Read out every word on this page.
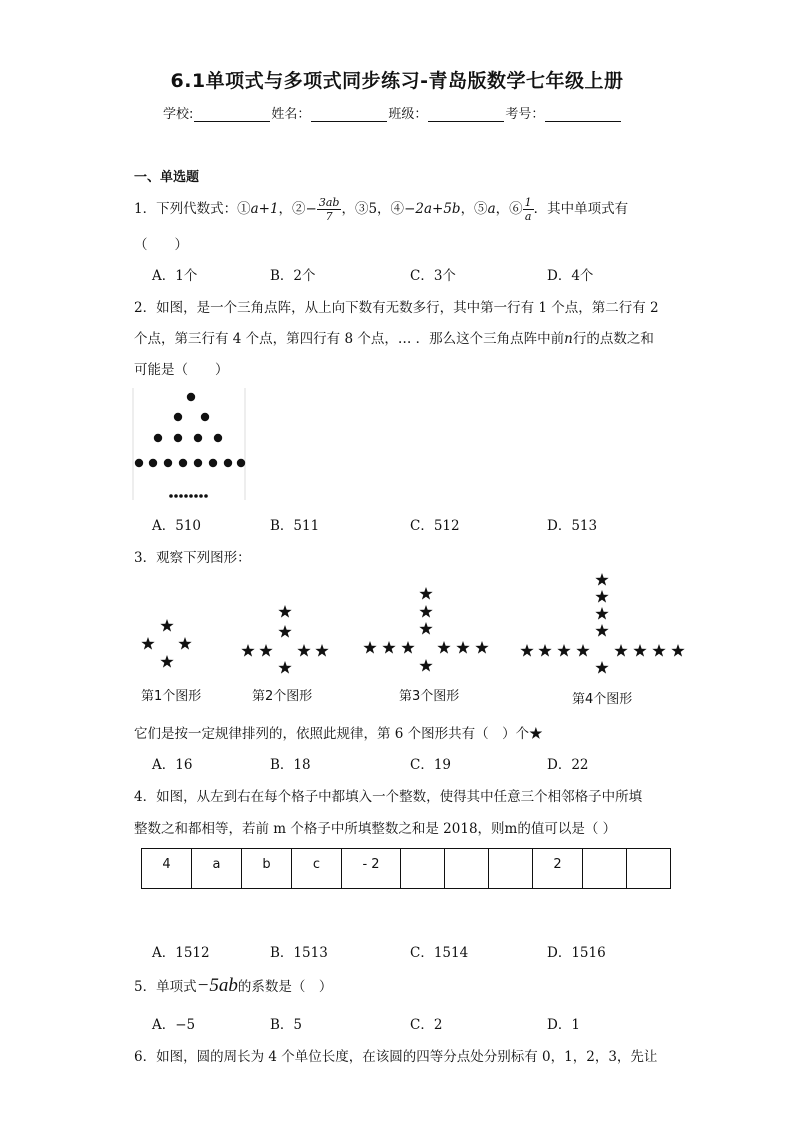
6.1单项式与多项式同步练习-青岛版数学七年级上册
学校:	姓名：	班级：	考号：
一、单选题
1．下列代数式：①a+1，②− $\frac{3ab}{7}$ ，③5，④−2a+5b，⑤a，⑥ $\frac{1}{a}$ ．其中单项式有
（　　）
A．1个	B．2个	C．3个	D．4个
2．如图，是一个三角点阵，从上向下数有无数多行，其中第一行有 1 个点，第二行有 2
个点，第三行有 4 个点，第四行有 8 个点，… ．那么这个三角点阵中前n行的点数之和
可能是（　　）
A．510	B．511	C．512	D．513
3．观察下列图形：
第1个图形	第2个图形	第3个图形	第4个图形
它们是按一定规律排列的，依照此规律，第 6 个图形共有（　）个★
A．16	B．18	C．19	D．22
4．如图，从左到右在每个格子中都填入一个整数，使得其中任意三个相邻格子中所填
整数之和都相等，若前 m 个格子中所填整数之和是 2018，则m的值可以是（ ）
4	a	b	c	- 2				2		
A．1512	B．1513	C．1514	D．1516
5．单项式−5ab的系数是（　）
A．−5	B．5	C．2	D．1
6．如图，圆的周长为 4 个单位长度，在该圆的四等分点处分别标有 0，1，2，3，先让
